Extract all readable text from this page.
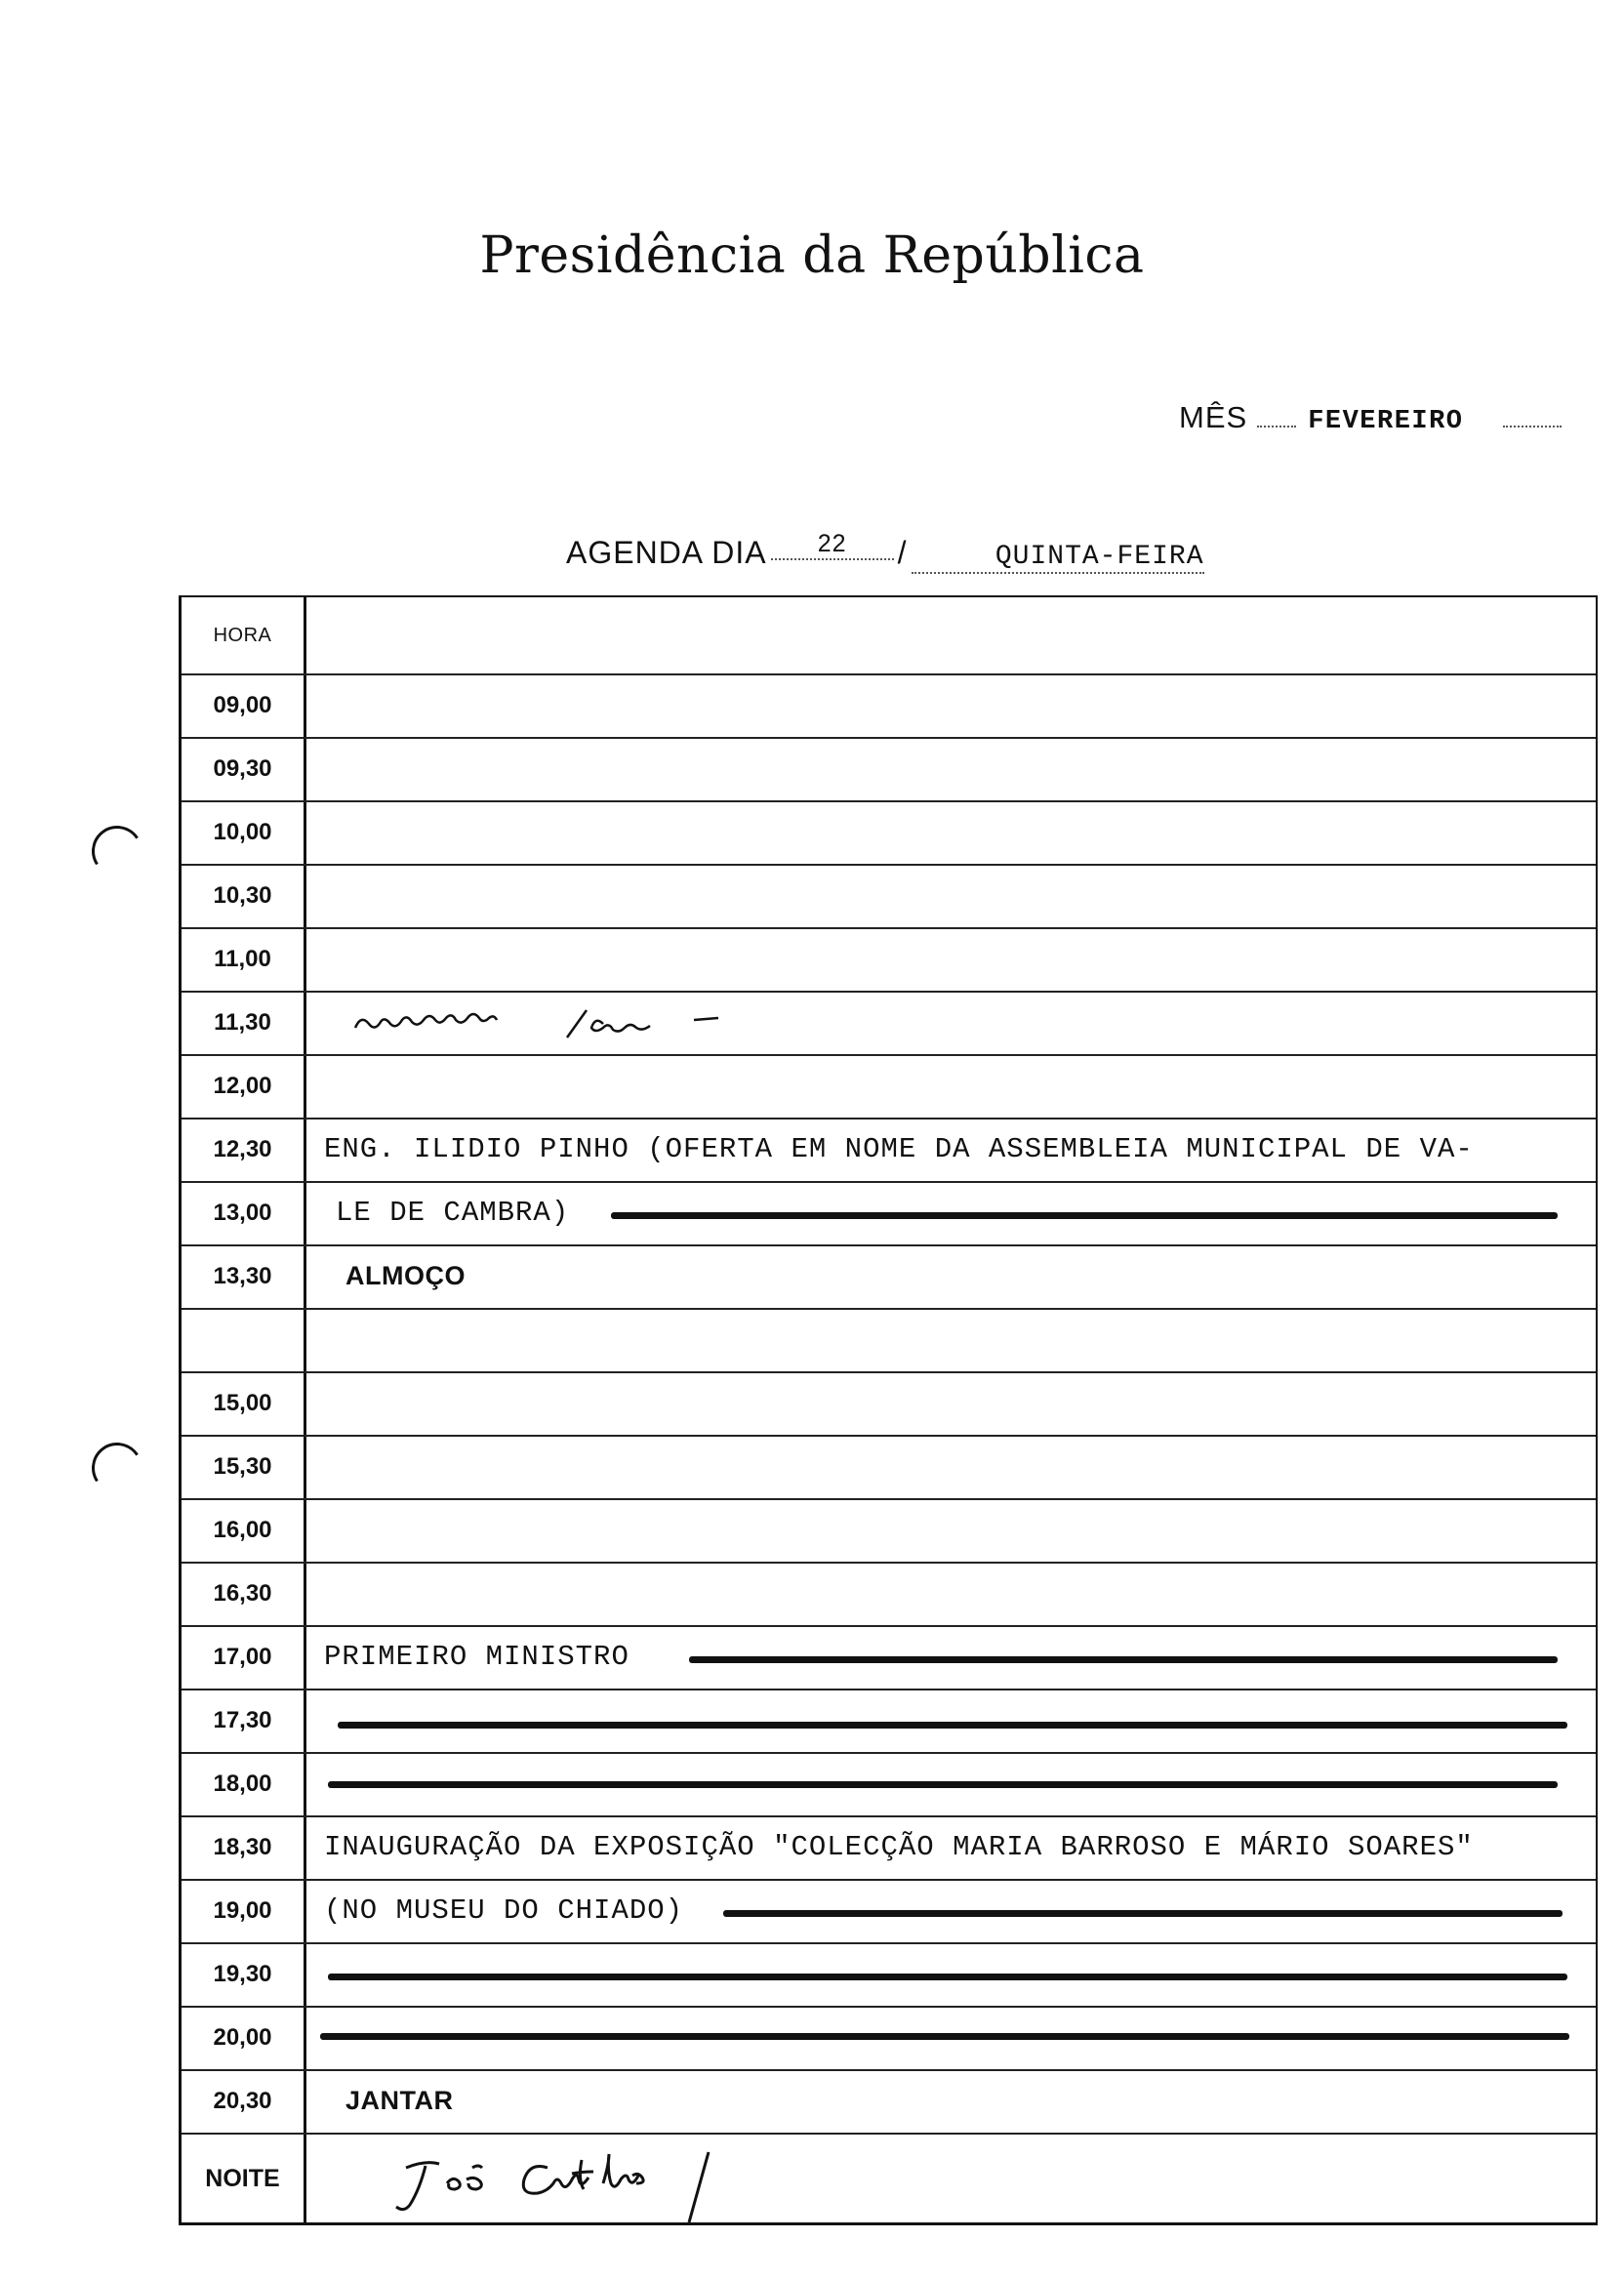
Presidência da República
MÊS FEVEREIRO
AGENDA DIA 22 /	QUINTA-FEIRA
HORA
09,00
09,30
10,00
10,30
11,00
11,30
12,00
12,30	ENG. ILIDIO PINHO (OFERTA EM NOME DA ASSEMBLEIA MUNICIPAL DE VA-
13,00	LE DE CAMBRA)
13,30	ALMOÇO
15,00
15,30
16,00
16,30
17,00	PRIMEIRO MINISTRO
17,30
18,00
18,30	INAUGURAÇÃO DA EXPOSIÇÃO "COLECÇÃO MARIA BARROSO E MÁRIO SOARES"
19,00	(NO MUSEU DO CHIADO)
19,30
20,00
20,30	JANTAR
NOITE
